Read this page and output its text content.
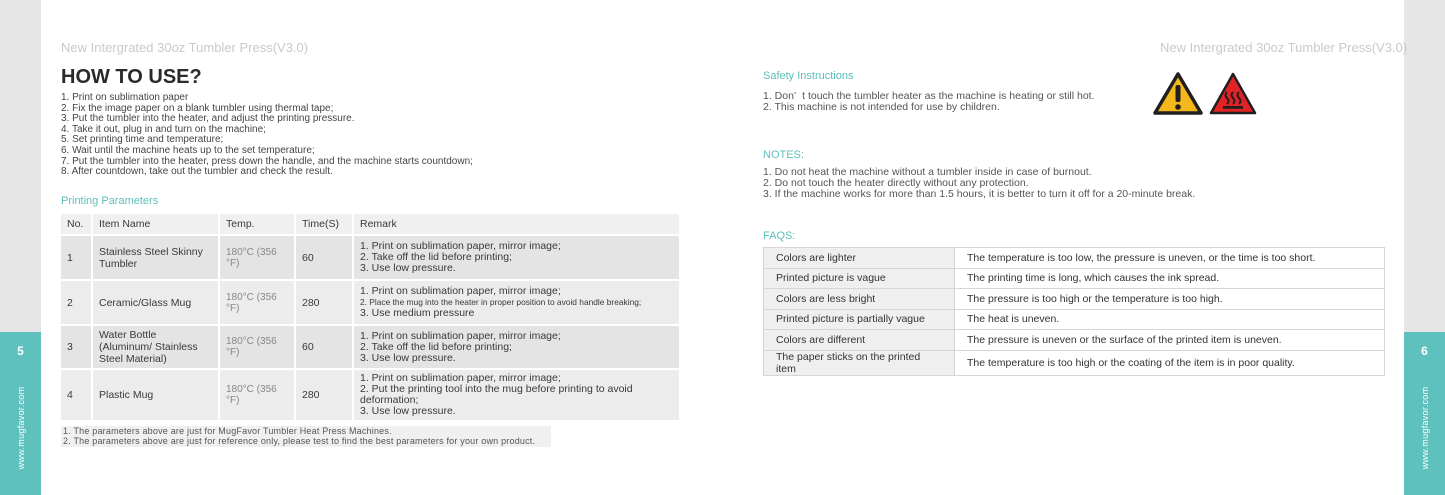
5
www.mugfavor.com
6
www.mugfavor.com
New Intergrated 30oz Tumbler Press(V3.0)	New Intergrated 30oz Tumbler Press(V3.0)
HOW TO USE?
1. Print on sublimation paper
2. Fix the image paper on a blank tumbler using thermal tape;
3. Put the tumbler into the heater, and adjust the printing pressure.
4. Take it out, plug in and turn on the machine;
5. Set printing time and temperature;
6. Wait until the machine heats up to the set temperature;
7. Put the tumbler into the heater, press down the handle, and the machine starts countdown;
8. After countdown, take out the tumbler and check the result.
Printing Parameters
No.	Item Name	Temp.	Time(S)	Remark
1	Stainless Steel Skinny Tumbler	180°C (356 °F)	60	1. Print on sublimation paper, mirror image;
2. Take off the lid before printing;
3. Use low pressure.

2	Ceramic/Glass Mug	180°C (356 °F)	280	1. Print on sublimation paper, mirror image;
2. Place the mug into the heater in proper position to avoid handle breaking;
3. Use medium pressure

3	Water Bottle (Aluminum/ Stainless Steel Material)	180°C (356 °F)	60	1. Print on sublimation paper, mirror image;
2. Take off the lid before printing;
3. Use low pressure.

4	Plastic Mug	180°C (356 °F)	280	1. Print on sublimation paper, mirror image;
2. Put the printing tool into the mug before printing to avoid deformation;
3. Use low pressure.
1. The parameters above are just for MugFavor Tumbler Heat Press Machines.
2. The parameters above are just for reference only, please test to find the best parameters for your own product.
Safety Instructions
1. Don’  t touch the tumbler heater as the machine is heating or still hot.
2. This machine is not intended for use by children.
NOTES:
1. Do not heat the machine without a tumbler inside in case of burnout.
2. Do not touch the heater directly without any protection.
3. If the machine works for more than 1.5 hours, it is better to turn it off for a 20-minute break.
FAQS:
Colors are lighter	The temperature is too low, the pressure is uneven, or the time is too short.
Printed picture is vague	The printing time is long, which causes the ink spread.
Colors are less bright	The pressure is too high or the temperature is too high.
Printed picture is partially vague	The heat is uneven.
Colors are different	The pressure is uneven or the surface of the printed item is uneven.
The paper sticks on the printed item	The temperature is too high or the coating of the item is in poor quality.
